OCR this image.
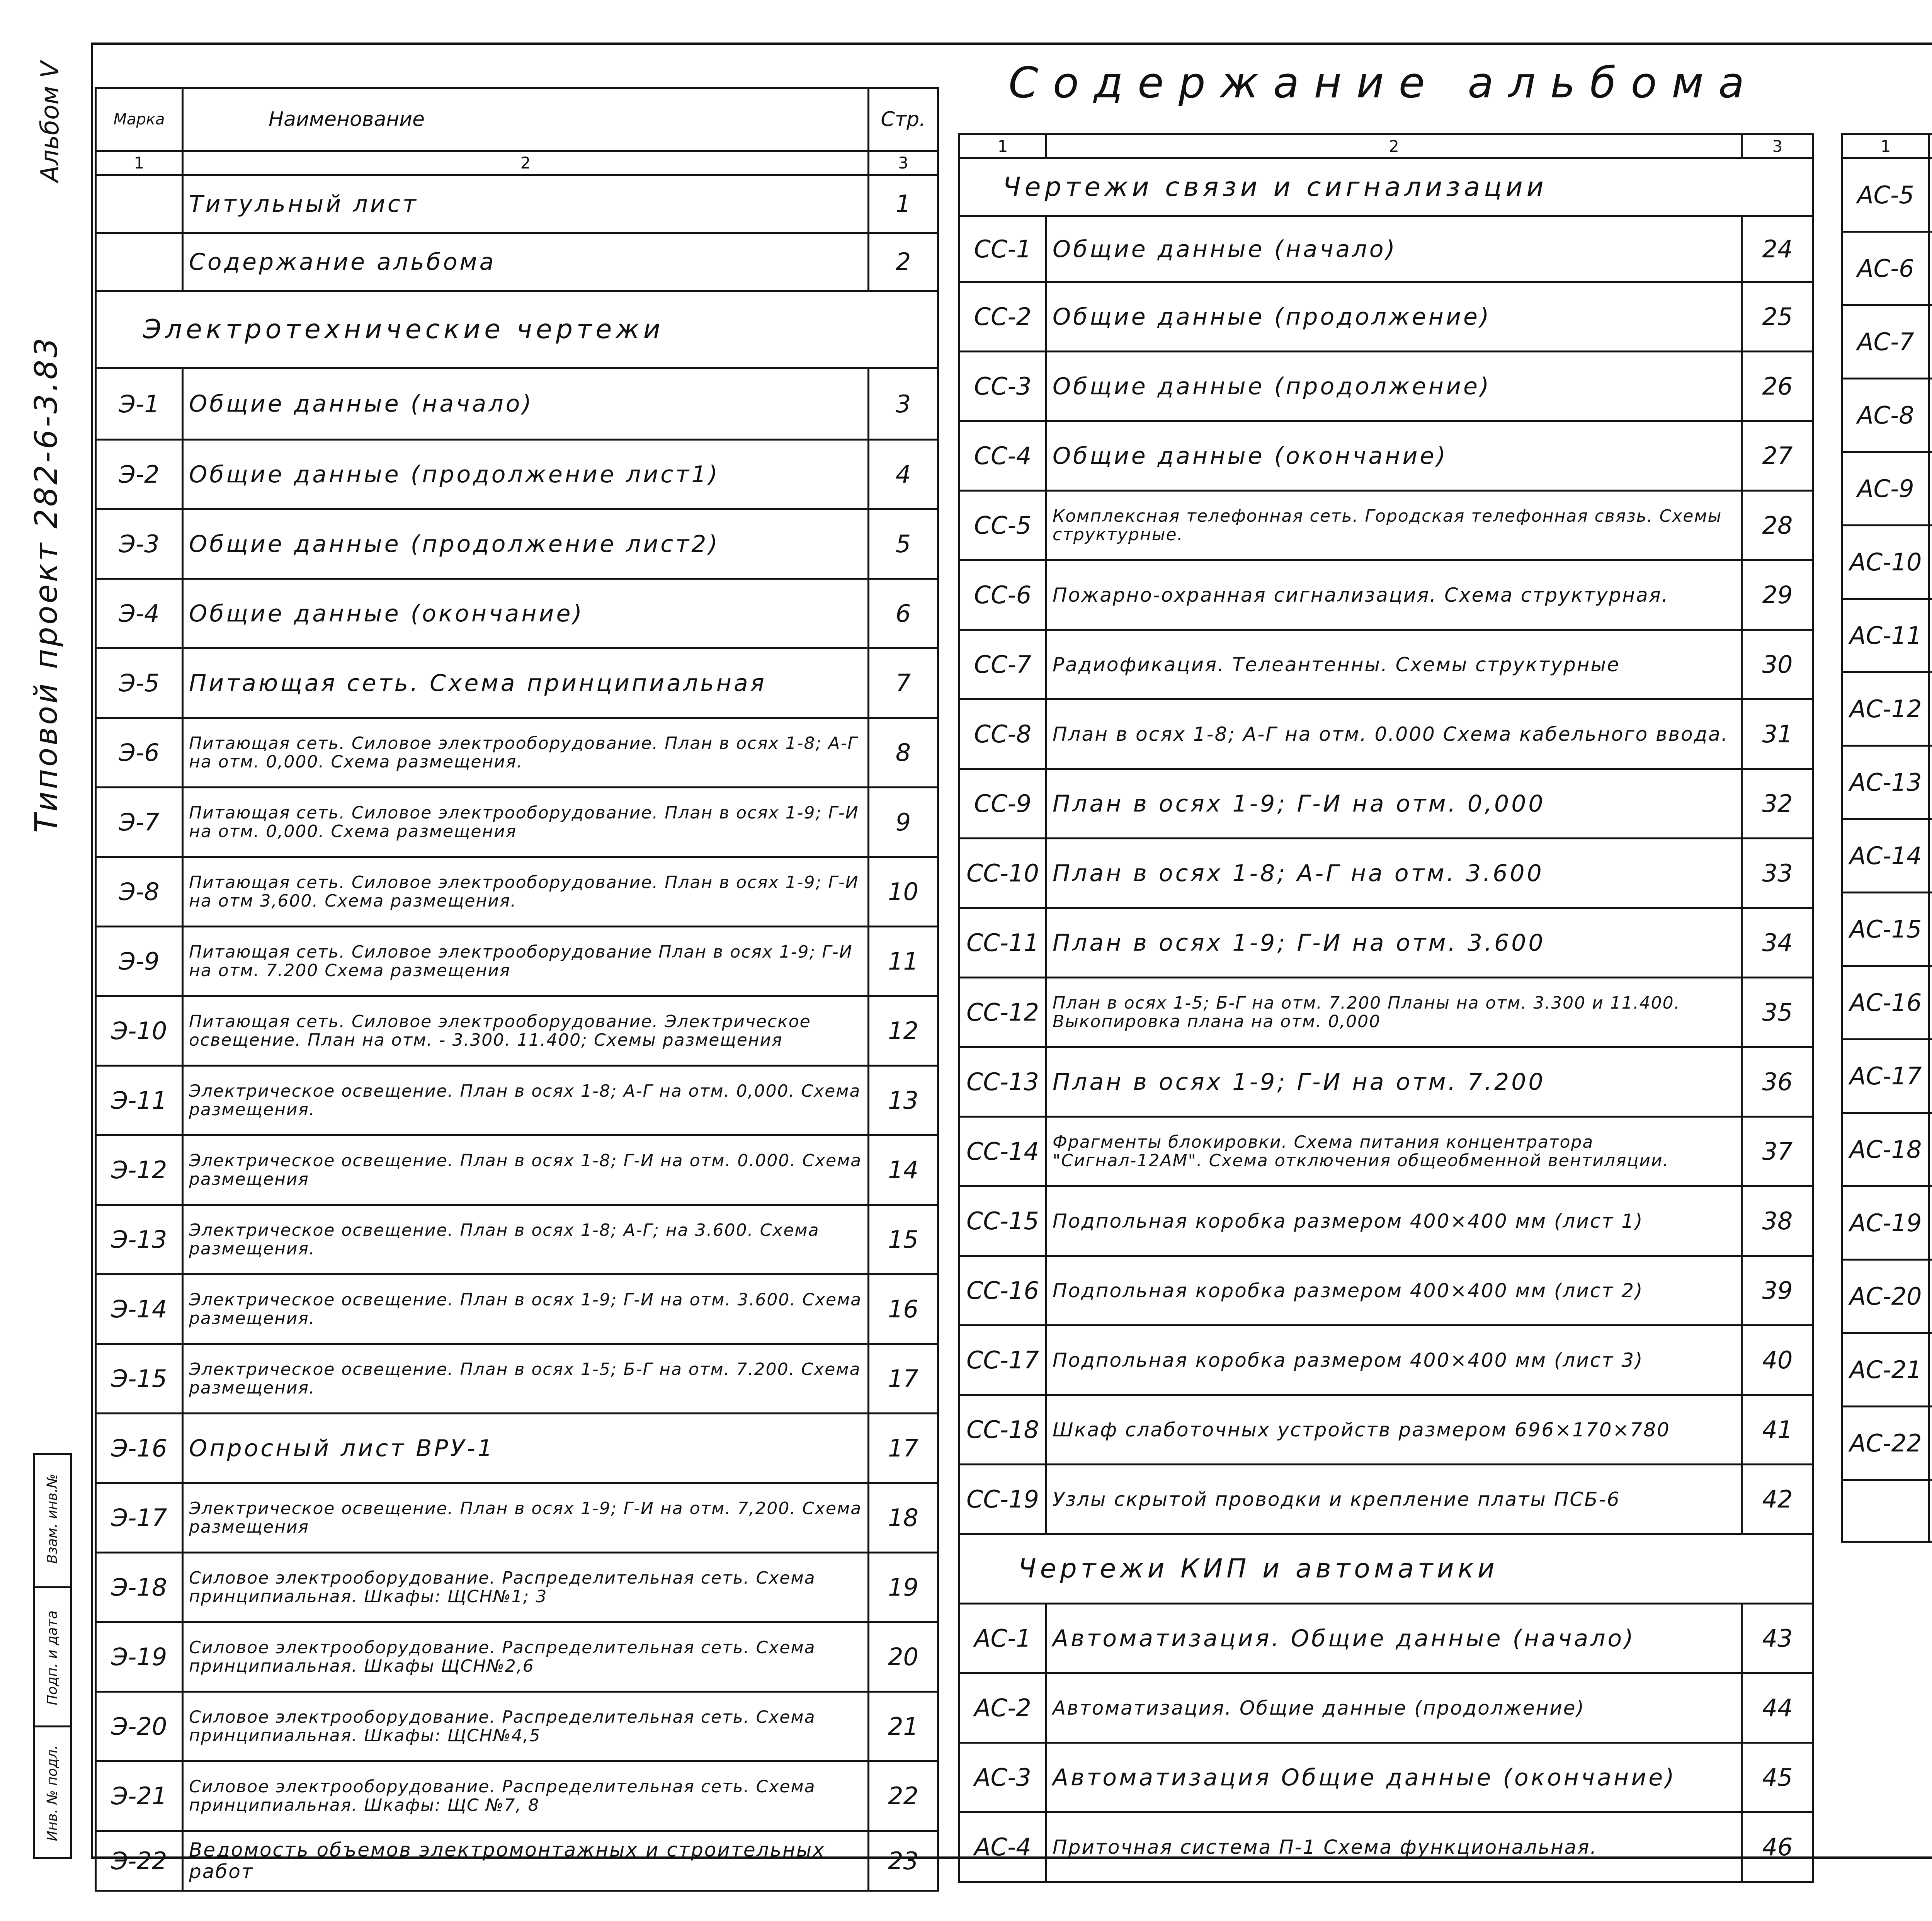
Альбом V
Типовой проект 282-6-3.83
Взам. инв.№
Подп. и дата
Инв. № подл.
Содержание альбома
Марка	Наименование	Стр.
1	2	3
	Титульный лист	1
	Содержание альбома	2
Электротехнические чертежи		
Э-1	Общие данные (начало)	3
Э-2	Общие данные (продолжение лист1)	4
Э-3	Общие данные (продолжение лист2)	5
Э-4	Общие данные (окончание)	6
Э-5	Питающая сеть. Схема принципиальная	7
Э-6	Питающая сеть. Силовое электрооборудование. План в осях 1-8; А-Г на отм. 0,000. Схема размещения.	8
Э-7	Питающая сеть. Силовое электрооборудование. План в осях 1-9; Г-И на отм. 0,000. Схема размещения	9
Э-8	Питающая сеть. Силовое электрооборудование. План в осях 1-9; Г-И на отм 3,600. Схема размещения.	10
Э-9	Питающая сеть. Силовое электрооборудование План в осях 1-9; Г-И на отм. 7.200 Схема размещения	11
Э-10	Питающая сеть. Силовое электрооборудование. Электрическое освещение. План на отм. - 3.300. 11.400; Схемы размещения	12
Э-11	Электрическое освещение. План в осях 1-8; А-Г на отм. 0,000. Схема размещения.	13
Э-12	Электрическое освещение. План в осях 1-8; Г-И на отм. 0.000. Схема размещения	14
Э-13	Электрическое освещение. План в осях 1-8; А-Г; на 3.600. Схема размещения.	15
Э-14	Электрическое освещение. План в осях 1-9; Г-И на отм. 3.600. Схема размещения.	16
Э-15	Электрическое освещение. План в осях 1-5; Б-Г на отм. 7.200. Схема размещения.	17
Э-16	Опросный лист ВРУ-1	17
Э-17	Электрическое освещение. План в осях 1-9; Г-И на отм. 7,200. Схема размещения	18
Э-18	Силовое электрооборудование. Распределительная сеть. Схема принципиальная. Шкафы: ЩСН№1; 3	19
Э-19	Силовое электрооборудование. Распределительная сеть. Схема принципиальная. Шкафы ЩСН№2,6	20
Э-20	Силовое электрооборудование. Распределительная сеть. Схема принципиальная. Шкафы: ЩСН№4,5	21
Э-21	Силовое электрооборудование. Распределительная сеть. Схема принципиальная. Шкафы: ЩС №7, 8	22
Э-22	Ведомость объемов электромонтажных и строительных работ	23
1	2	3
Чертежи связи и сигнализации		
СС-1	Общие данные (начало)	24
СС-2	Общие данные (продолжение)	25
СС-3	Общие данные (продолжение)	26
СС-4	Общие данные (окончание)	27
СС-5	Комплексная телефонная сеть. Городская телефонная связь. Схемы структурные.	28
СС-6	Пожарно-охранная сигнализация. Схема структурная.	29
СС-7	Радиофикация. Телеантенны. Схемы структурные	30
СС-8	План в осях 1-8; А-Г на отм. 0.000 Схема кабельного ввода.	31
СС-9	План в осях 1-9; Г-И на отм. 0,000	32
СС-10	План в осях 1-8; А-Г на отм. 3.600	33
СС-11	План в осях 1-9; Г-И на отм. 3.600	34
СС-12	План в осях 1-5; Б-Г на отм. 7.200 Планы на отм. 3.300 и 11.400. Выкопировка плана на отм. 0,000	35
СС-13	План в осях 1-9; Г-И на отм. 7.200	36
СС-14	Фрагменты блокировки. Схема питания концентратора "Сигнал-12АМ". Схема отключения общеобменной вентиляции.	37
СС-15	Подпольная коробка размером 400×400 мм (лист 1)	38
СС-16	Подпольная коробка размером 400×400 мм (лист 2)	39
СС-17	Подпольная коробка размером 400×400 мм (лист 3)	40
СС-18	Шкаф слаботочных устройств размером 696×170×780	41
СС-19	Узлы скрытой проводки и крепление платы ПСБ-6	42
Чертежи КИП и автоматики		
АС-1	Автоматизация. Общие данные (начало)	43
АС-2	Автоматизация. Общие данные (продолжение)	44
АС-3	Автоматизация Общие данные (окончание)	45
АС-4	Приточная система П-1 Схема функциональная.	46
1		
АС-5		
АС-6		
АС-7		
АС-8		
АС-9		
АС-10		
АС-11		
АС-12		
АС-13		
АС-14		
АС-15		
АС-16		
АС-17		
АС-18		
АС-19		
АС-20		
АС-21		
АС-22		
